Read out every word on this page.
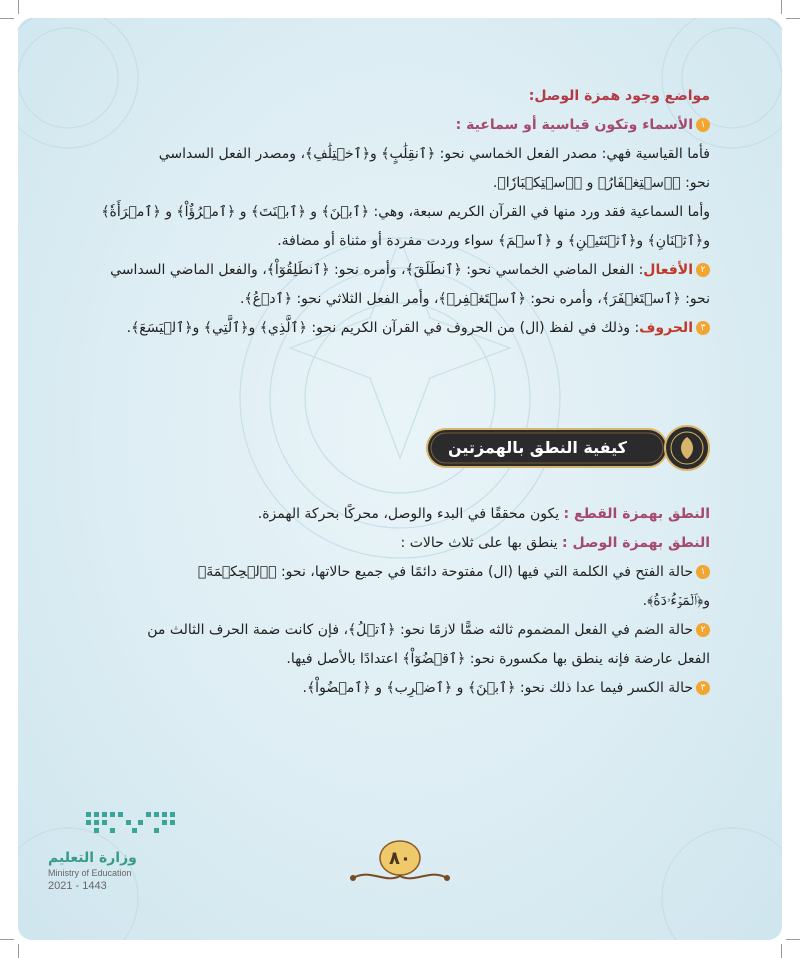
مواضع وجود همزة الوصل:
١الأسماء وتكون قياسية أو سماعية :
فأما القياسية فهي: مصدر الفعل الخماسي نحو: ﴿ٱنقِلَٰبٍ﴾ و﴿ٱخۡتِلَٰفِ﴾، ومصدر الفعل السداسي
نحو: ﴿ٱسۡتِغۡفَارُ﴾ و ﴿ٱسۡتِكۡبَارٗا﴾.
وأما السماعية فقد ورد منها في القرآن الكريم سبعة، وهي: ﴿ٱبۡنَ﴾ و ﴿ٱبۡنَتَ﴾ و ﴿ٱمۡرُؤٌاْ﴾ و ﴿ٱمۡرَأَةٗ﴾
و﴿ٱثۡنَانِ﴾ و﴿ٱثۡنَتَيۡنِ﴾ و ﴿ٱسۡمَ﴾ سواء وردت مفردة أو مثناة أو مضافة.
٢الأفعال: الفعل الماضي الخماسي نحو: ﴿ٱنطَلَقَ﴾، وأمره نحو: ﴿ٱنطَلِقُوٓاْ﴾، والفعل الماضي السداسي
نحو: ﴿ٱسۡتَغۡفَرَ﴾، وأمره نحو: ﴿ٱسۡتَغۡفِرۡ﴾، وأمر الفعل الثلاثي نحو: ﴿ٱدۡعُ﴾.
٣الحروف: وذلك في لفظ (ال) من الحروف في القرآن الكريم نحو: ﴿ٱلَّذِي﴾ و﴿ٱلَّتِي﴾ و﴿ٱلۡيَسَعَ﴾.
كيفية النطق بالهمزتين
النطق بهمزة القطع : يكون محققًا في البدء والوصل، محركًا بحركة الهمزة.
النطق بهمزة الوصل : ينطق بها على ثلاث حالات :
١حالة الفتح في الكلمة التي فيها (ال) مفتوحة دائمًا في جميع حالاتها، نحو: ﴿ٱلۡحِكۡمَةَ﴾
و﴿ٱلۡمَوۡءُۥدَةُ﴾.
٢حالة الضم في الفعل المضموم ثالثه ضمًّا لازمًا نحو: ﴿ٱتۡلُ﴾، فإن كانت ضمة الحرف الثالث من
الفعل عارضة فإنه ينطق بها مكسورة نحو: ﴿ٱقۡضُوٓاْ﴾ اعتدادًا بالأصل فيها.
٣حالة الكسر فيما عدا ذلك نحو: ﴿ٱبۡنَ﴾ و ﴿ٱضۡرِب﴾ و ﴿ٱمۡضُواْ﴾.
وزارة التعليم
Ministry of Education
2021 - 1443
٨٠
